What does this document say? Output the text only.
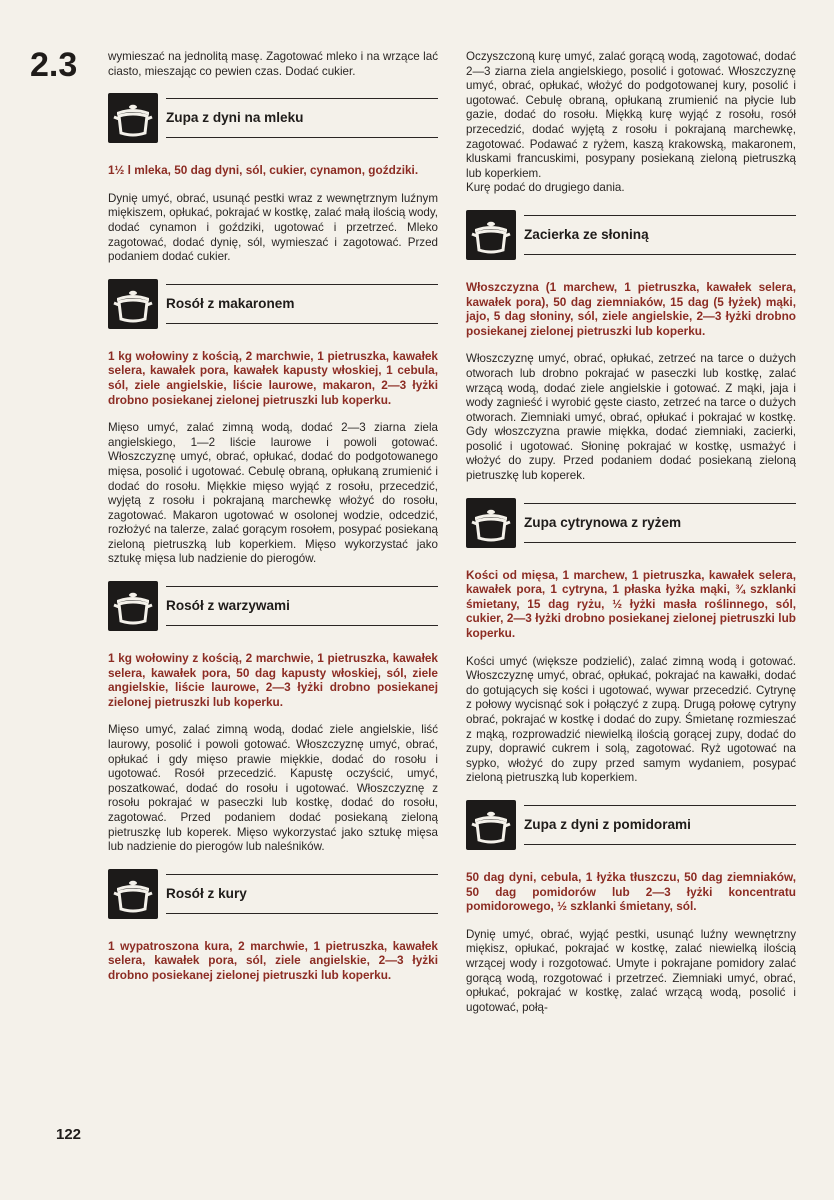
2.3
122

wymieszać na jednolitą masę. Zagotować mleko i na wrzące lać ciasto, mieszając co pewien czas. Dodać cukier.

Zupa z dyni na mleku

1½ l mleka, 50 dag dyni, sól, cukier, cynamon, goździki.

Dynię umyć, obrać, usunąć pestki wraz z wewnętrznym luźnym miękiszem, opłukać, pokrajać w kostkę, zalać małą ilością wody, dodać cynamon i goździki, ugotować i przetrzeć. Mleko zagotować, dodać dynię, sól, wymieszać i zagotować. Przed podaniem dodać cukier.

Rosół z makaronem

1 kg wołowiny z kością, 2 marchwie, 1 pietruszka, kawałek selera, kawałek pora, kawałek kapusty włoskiej, 1 cebula, sól, ziele angielskie, liście laurowe, makaron, 2—3 łyżki drobno posiekanej zielonej pietruszki lub koperku.

Mięso umyć, zalać zimną wodą, dodać 2—3 ziarna ziela angielskiego, 1—2 liście laurowe i powoli gotować. Włoszczyznę umyć, obrać, opłukać, dodać do podgotowanego mięsa, posolić i ugotować. Cebulę obraną, opłukaną zrumienić i dodać do rosołu. Miękkie mięso wyjąć z rosołu, przecedzić, wyjętą z rosołu i pokrajaną marchewkę włożyć do rosołu, zagotować. Makaron ugotować w osolonej wodzie, odcedzić, rozłożyć na talerze, zalać gorącym rosołem, posypać posiekaną zieloną pietruszką lub koperkiem. Mięso wykorzystać jako sztukę mięsa lub nadzienie do pierogów.

Rosół z warzywami

1 kg wołowiny z kością, 2 marchwie, 1 pietruszka, kawałek selera, kawałek pora, 50 dag kapusty włoskiej, sól, ziele angielskie, liście laurowe, 2—3 łyżki drobno posiekanej zielonej pietruszki lub koperku.

Mięso umyć, zalać zimną wodą, dodać ziele angielskie, liść laurowy, posolić i powoli gotować. Włoszczyznę umyć, obrać, opłukać i gdy mięso prawie miękkie, dodać do rosołu i ugotować. Rosół przecedzić. Kapustę oczyścić, umyć, poszatkować, dodać do rosołu i ugotować. Włoszczyznę z rosołu pokrajać w paseczki lub kostkę, dodać do rosołu, zagotować. Przed podaniem dodać posiekaną zieloną pietruszkę lub koperek. Mięso wykorzystać jako sztukę mięsa lub nadzienie do pierogów lub naleśników.

Rosół z kury

1 wypatroszona kura, 2 marchwie, 1 pietruszka, kawałek selera, kawałek pora, sól, ziele angielskie, 2—3 łyżki drobno posiekanej zielonej pietruszki lub koperku.

Oczyszczoną kurę umyć, zalać gorącą wodą, zagotować, dodać 2—3 ziarna ziela angielskiego, posolić i gotować. Włoszczyznę umyć, obrać, opłukać, włożyć do podgotowanej kury, posolić i ugotować. Cebulę obraną, opłukaną zrumienić na płycie lub gazie, dodać do rosołu. Miękką kurę wyjąć z rosołu, rosół przecedzić, dodać wyjętą z rosołu i pokrajaną marchewkę, zagotować. Podawać z ryżem, kaszą krakowską, makaronem, kluskami francuskimi, posypany posiekaną zieloną pietruszką lub koperkiem.

Kurę podać do drugiego dania.

Zacierka ze słoniną

Włoszczyzna (1 marchew, 1 pietruszka, kawałek selera, kawałek pora), 50 dag ziemniaków, 15 dag (5 łyżek) mąki, jajo, 5 dag słoniny, sól, ziele angielskie, 2—3 łyżki drobno posiekanej zielonej pietruszki lub koperku.

Włoszczyznę umyć, obrać, opłukać, zetrzeć na tarce o dużych otworach lub drobno pokrajać w paseczki lub kostkę, zalać wrzącą wodą, dodać ziele angielskie i gotować. Z mąki, jaja i wody zagnieść i wyrobić gęste ciasto, zetrzeć na tarce o dużych otworach. Ziemniaki umyć, obrać, opłukać i pokrajać w kostkę. Gdy włoszczyzna prawie miękka, dodać ziemniaki, zacierki, posolić i ugotować. Słoninę pokrajać w kostkę, usmażyć i włożyć do zupy. Przed podaniem dodać posiekaną zieloną pietruszkę lub koperek.

Zupa cytrynowa z ryżem

Kości od mięsa, 1 marchew, 1 pietruszka, kawałek selera, kawałek pora, 1 cytryna, 1 płaska łyżka mąki, ¾ szklanki śmietany, 15 dag ryżu, ½ łyżki masła roślinnego, sól, cukier, 2—3 łyżki drobno posiekanej zielonej pietruszki lub koperku.

Kości umyć (większe podzielić), zalać zimną wodą i gotować. Włoszczyznę umyć, obrać, opłukać, pokrajać na kawałki, dodać do gotujących się kości i ugotować, wywar przecedzić. Cytrynę z połowy wycisnąć sok i połączyć z zupą. Drugą połowę cytryny obrać, pokrajać w kostkę i dodać do zupy. Śmietanę rozmieszać z mąką, rozprowadzić niewielką ilością gorącej zupy, dodać do zupy, doprawić cukrem i solą, zagotować. Ryż ugotować na sypko, włożyć do zupy przed samym wydaniem, posypać zieloną pietruszką lub koperkiem.

Zupa z dyni z pomidorami

50 dag dyni, cebula, 1 łyżka tłuszczu, 50 dag ziemniaków, 50 dag pomidorów lub 2—3 łyżki koncentratu pomidorowego, ½ szklanki śmietany, sól.

Dynię umyć, obrać, wyjąć pestki, usunąć luźny wewnętrzny miękisz, opłukać, pokrajać w kostkę, zalać niewielką ilością wrzącej wody i rozgotować. Umyte i pokrajane pomidory zalać gorącą wodą, rozgotować i przetrzeć. Ziemniaki umyć, obrać, opłukać, pokrajać w kostkę, zalać wrzącą wodą, posolić i ugotować, połą-
